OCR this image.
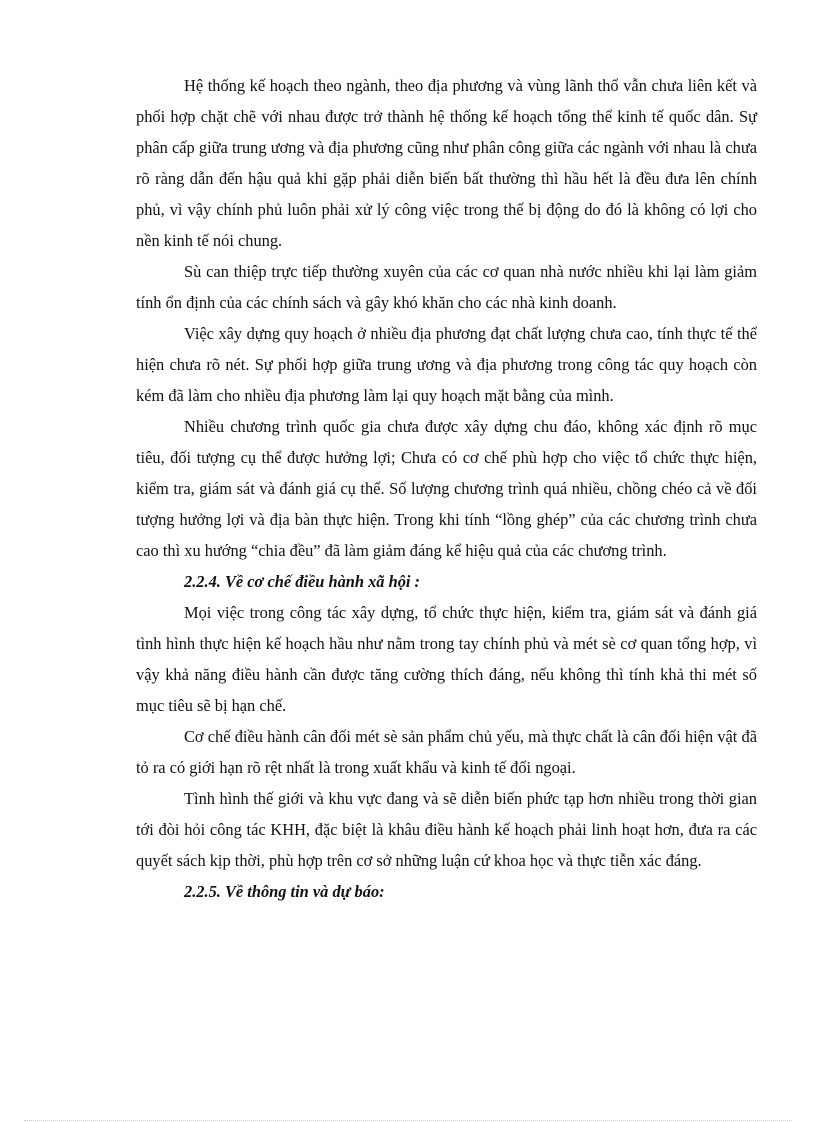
Hệ thống kế hoạch theo ngành, theo địa phương và vùng lãnh thổ vẫn chưa liên kết và phối hợp chặt chẽ với nhau được trở thành hệ thống kế hoạch tổng thể kinh tế quốc dân. Sự phân cấp giữa trung ương và địa phương cũng như phân công giữa các ngành với nhau là chưa rõ ràng dẫn đến hậu quả khi gặp phải diễn biến bất thường thì hầu hết là đều đưa lên chính phủ, vì vậy chính phủ luôn phải xử lý công việc trong thế bị động do đó là không có lợi cho nền kinh tế nói chung.

Sù can thiệp trực tiếp thường xuyên của các cơ quan nhà nước nhiều khi lại làm giảm tính ổn định của các chính sách và gây khó khăn cho các nhà kinh doanh.

Việc xây dựng quy hoạch ở nhiều địa phương đạt chất lượng chưa cao, tính thực tế thể hiện chưa rõ nét. Sự phối hợp giữa trung ương và địa phương trong công tác quy hoạch còn kém đã làm cho nhiều địa phương làm lại quy hoạch mặt bằng của mình.

Nhiều chương trình quốc gia chưa được xây dựng chu đáo, không xác định rõ mục tiêu, đối tượng cụ thể được hưởng lợi; Chưa có cơ chế phù hợp cho việc tổ chức thực hiện, kiểm tra, giám sát và đánh giá cụ thể. Số lượng chương trình quá nhiều, chồng chéo cả về đối tượng hưởng lợi và địa bàn thực hiện. Trong khi tính “lồng ghép” của các chương trình chưa cao thì xu hướng “chia đều” đã làm giảm đáng kể hiệu quả của các chương trình.

2.2.4. Về cơ chế điều hành xã hội :

Mọi việc trong công tác xây dựng, tổ chức thực hiện, kiểm tra, giám sát và đánh giá tình hình thực hiện kế hoạch hầu như nằm trong tay chính phủ và mét sè cơ quan tổng hợp, vì vậy khả năng điều hành cần được tăng cường thích đáng, nếu không thì tính khả thi mét số mục tiêu sẽ bị hạn chế.

Cơ chế điều hành cân đối mét sè sản phẩm chủ yếu, mà thực chất là cân đối hiện vật đã tỏ ra có giới hạn rõ rệt nhất là trong xuất khẩu và kinh tế đối ngoại.

Tình hình thế giới và khu vực đang và sẽ diễn biến phức tạp hơn nhiều trong thời gian tới đòi hỏi công tác KHH, đặc biệt là khâu điều hành kế hoạch phải linh hoạt hơn, đưa ra các quyết sách kịp thời, phù hợp trên cơ sở những luận cứ khoa học và thực tiễn xác đáng.

2.2.5. Về thông tin và dự báo:
